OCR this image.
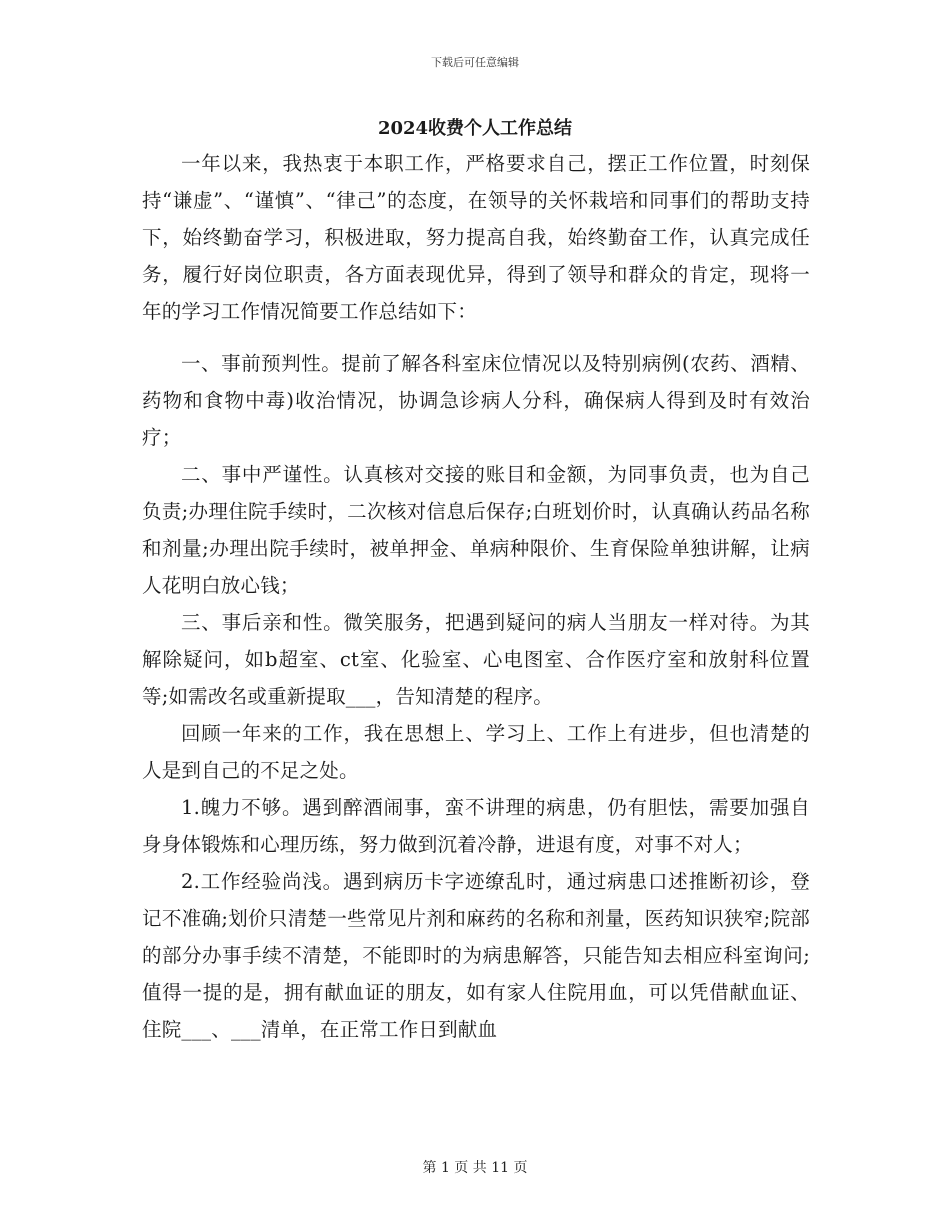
下载后可任意编辑
2024收费个人工作总结

一年以来，我热衷于本职工作，严格要求自己，摆正工作位置，时刻保持“谦虚”、“谨慎”、“律己”的态度，在领导的关怀栽培和同事们的帮助支持下，始终勤奋学习，积极进取，努力提高自我，始终勤奋工作，认真完成任务，履行好岗位职责，各方面表现优异，得到了领导和群众的肯定，现将一年的学习工作情况简要工作总结如下：

一、事前预判性。提前了解各科室床位情况以及特别病例(农药、酒精、药物和食物中毒)收治情况，协调急诊病人分科，确保病人得到及时有效治疗；

二、事中严谨性。认真核对交接的账目和金额，为同事负责，也为自己负责;办理住院手续时，二次核对信息后保存;白班划价时，认真确认药品名称和剂量;办理出院手续时，被单押金、单病种限价、生育保险单独讲解，让病人花明白放心钱；

三、事后亲和性。微笑服务，把遇到疑问的病人当朋友一样对待。为其解除疑问，如b超室、ct室、化验室、心电图室、合作医疗室和放射科位置等;如需改名或重新提取___，告知清楚的程序。

回顾一年来的工作，我在思想上、学习上、工作上有进步，但也清楚的人是到自己的不足之处。

1.魄力不够。遇到醉酒闹事，蛮不讲理的病患，仍有胆怯，需要加强自身身体锻炼和心理历练，努力做到沉着冷静，进退有度，对事不对人；

2.工作经验尚浅。遇到病历卡字迹缭乱时，通过病患口述推断初诊，登记不准确;划价只清楚一些常见片剂和麻药的名称和剂量，医药知识狭窄;院部的部分办事手续不清楚，不能即时的为病患解答，只能告知去相应科室询问;值得一提的是，拥有献血证的朋友，如有家人住院用血，可以凭借献血证、住院___、___清单，在正常工作日到献血

第 1 页 共 11 页
